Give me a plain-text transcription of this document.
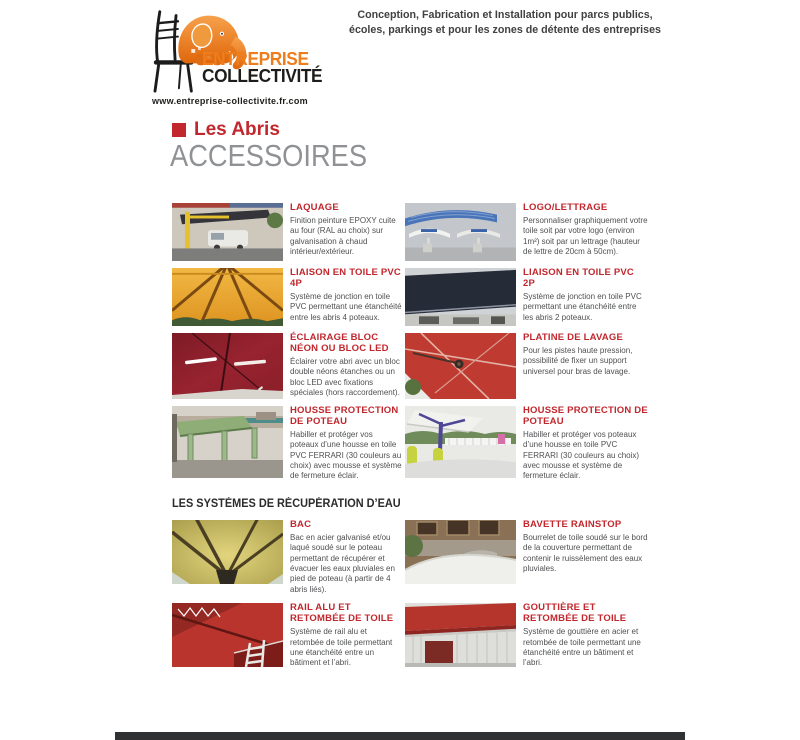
ENTREPRISE
COLLECTIVITÉ
www.entreprise-collectivite.fr.com
Conception, Fabrication et Installation pour parcs publics, écoles, parkings et pour les zones de détente des entreprises
Les Abris
ACCESSOIRES
LAQUAGE

Finition peinture EPOXY cuite au four (RAL au choix) sur galvanisation à chaud intérieur/extérieur.

LOGO/LETTRAGE

Personnaliser graphiquement votre toile soit par votre logo (environ 1m²) soit par un lettrage (hauteur de lettre de 20cm à 50cm).

LIAISON EN TOILE PVC 4P

Système de jonction en toile PVC permettant une étanchéité entre les abris 4 poteaux.

LIAISON EN TOILE PVC 2P

Système de jonction en toile PVC permettant une étanchéité entre les abris 2 poteaux.

ÉCLAIRAGE BLOC NÉON OU BLOC LED

Éclairer votre abri avec un bloc double néons étanches ou un bloc LED avec fixations spéciales (hors raccordement).

PLATINE DE LAVAGE

Pour les pistes haute pression, possibilité de fixer un support universel pour bras de lavage.

HOUSSE PROTECTION DE POTEAU

Habiller et protéger vos poteaux d’une housse en toile PVC FERRARI (30 couleurs au choix) avec mousse et système de fermeture éclair.

HOUSSE PROTECTION DE POTEAU

Habiller et protéger vos poteaux d’une housse en toile PVC FERRARI (30 couleurs au choix) avec mousse et système de fermeture éclair.

LES SYSTÈMES DE RÉCUPÉRATION D’EAU
BAC

Bac en acier galvanisé et/ou laqué soudé sur le poteau permettant de récupérer et évacuer les eaux pluviales en pied de poteau (à partir de 4 abris liés).

BAVETTE RAINSTOP

Bourrelet de toile soudé sur le bord de la couverture permettant de contenir le ruissèlement des eaux pluviales.

RAIL ALU ET RETOMBÉE DE TOILE

Système de rail alu et retombée de toile permettant une étanchéité entre un bâtiment et l’abri.

GOUTTIÈRE ET RETOMBÉE DE TOILE

Système de gouttière en acier et retombée de toile permettant une étanchéité entre un bâtiment et l’abri.
